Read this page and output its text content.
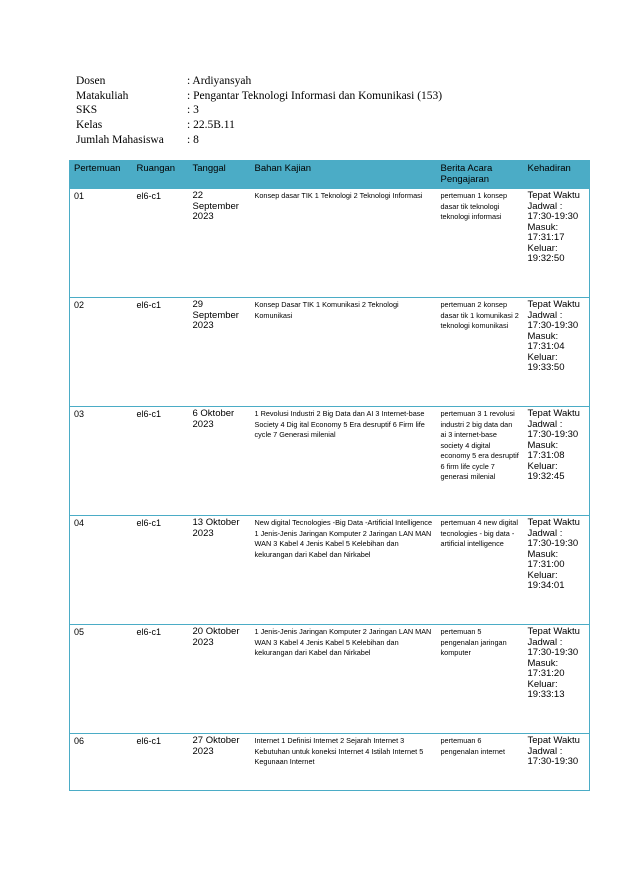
Dosen	: Ardiyansyah
Matakuliah	: Pengantar Teknologi Informasi dan Komunikasi (153)
SKS	: 3
Kelas	: 22.5B.11
Jumlah Mahasiswa : 8
Pertemuan	Ruangan	Tanggal	Bahan Kajian	Berita Acara Pengajaran	Kehadiran
01	el6-c1	22 September 2023	Konsep dasar TIK 1 Teknologi 2 Teknologi Informasi	pertemuan 1 konsep dasar tik teknologi teknologi informasi	Tepat Waktu Jadwal : 17:30-19:30 Masuk: 17:31:17 Keluar: 19:32:50
02	el6-c1	29 September 2023	Konsep Dasar TIK 1 Komunikasi 2 Teknologi Komunikasi	pertemuan 2 konsep dasar tik 1 komunikasi 2 teknologi komunikasi	Tepat Waktu Jadwal : 17:30-19:30 Masuk: 17:31:04 Keluar: 19:33:50
03	el6-c1	6 Oktober 2023	1 Revolusi Industri 2 Big Data dan AI 3 Internet-base Society 4 Dig ital Economy 5 Era desruptif 6 Firm life cycle 7 Generasi milenial	pertemuan 3 1 revolusi industri 2 big data dan ai 3 internet-base society 4 digital economy 5 era desruptif 6 firm life cycle 7 generasi milenial	Tepat Waktu Jadwal : 17:30-19:30 Masuk: 17:31:08 Keluar: 19:32:45
04	el6-c1	13 Oktober 2023	New digital Tecnologies -Big Data -Artificial Intelligence 1 Jenis-Jenis Jaringan Komputer 2 Jaringan LAN MAN WAN 3 Kabel 4 Jenis Kabel 5 Kelebihan dan kekurangan dari Kabel dan Nirkabel	pertemuan 4 new digital tecnologies - big data -artificial intelligence	Tepat Waktu Jadwal : 17:30-19:30 Masuk: 17:31:00 Keluar: 19:34:01
05	el6-c1	20 Oktober 2023	1 Jenis-Jenis Jaringan Komputer 2 Jaringan LAN MAN WAN 3 Kabel 4 Jenis Kabel 5 Kelebihan dan kekurangan dari Kabel dan Nirkabel	pertemuan 5 pengenalan jaringan komputer	Tepat Waktu Jadwal : 17:30-19:30 Masuk: 17:31:20 Keluar: 19:33:13
06	el6-c1	27 Oktober 2023	Internet 1 Definisi Internet 2 Sejarah Internet 3 Kebutuhan untuk koneksi Internet 4 Istilah Internet 5 Kegunaan Internet	pertemuan 6 pengenalan internet	Tepat Waktu Jadwal : 17:30-19:30
